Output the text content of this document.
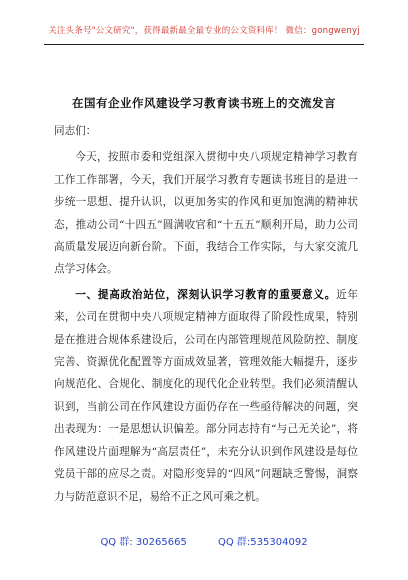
关注头条号"公文研究"，获得最新最全最专业的公文资料库！ 微信：gongwenyj
在国有企业作风建设学习教育读书班上的交流发言

同志们：

今天，按照市委和党组深入贯彻中央八项规定精神学习教育工作工作部署，今天，我们开展学习教育专题读书班目的是进一步统一思想、提升认识，以更加务实的作风和更加饱满的精神状态，推动公司“十四五”圆满收官和“十五五”顺利开局，助力公司高质量发展迈向新台阶。下面，我结合工作实际，与大家交流几点学习体会。

一、提高政治站位，深刻认识学习教育的重要意义。近年来，公司在贯彻中央八项规定精神方面取得了阶段性成果，特别是在推进合规体系建设后，公司在内部管理规范风险防控、制度完善、资源优化配置等方面成效显著，管理效能大幅提升，逐步向规范化、合规化、制度化的现代化企业转型。我们必须清醒认识到，当前公司在作风建设方面仍存在一些亟待解决的问题，突出表现为：一是思想认识偏差。部分同志持有“与己无关论”，将作风建设片面理解为“高层责任”，未充分认识到作风建设是每位党员干部的应尽之责。对隐形变异的“四风”问题缺乏警惕，洞察力与防范意识不足，易给不正之风可乘之机。

QQ 群: 30265665	QQ 群:535304092
